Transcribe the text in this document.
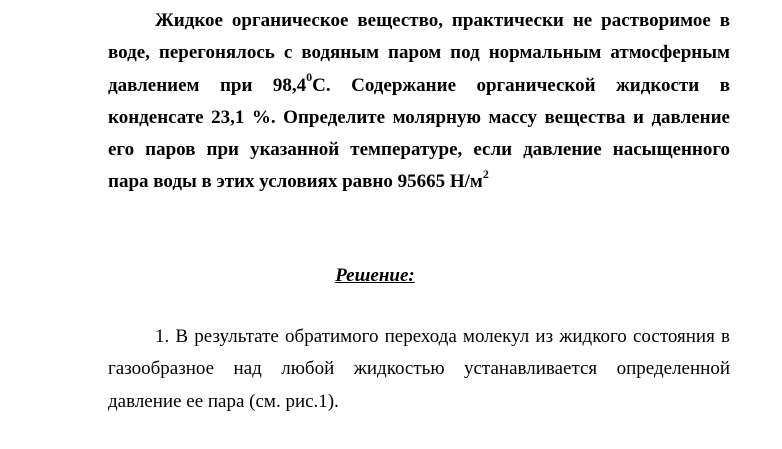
Жидкое органическое вещество, практически не растворимое в воде, перегонялось с водяным паром под нормальным атмосферным давлением при 98,4$^0$С. Содержание органической жидкости в конденсате 23,1 %. Определите молярную массу вещества и давление его паров при указанной температуре, если давление насыщенного пара воды в этих условиях равно 95665 $Н/м^2$

Решение:

1. В результате обратимого перехода молекул из жидкого состояния в газообразное над любой жидкостью устанавливается определенной давление ее пара (см. рис.1).
